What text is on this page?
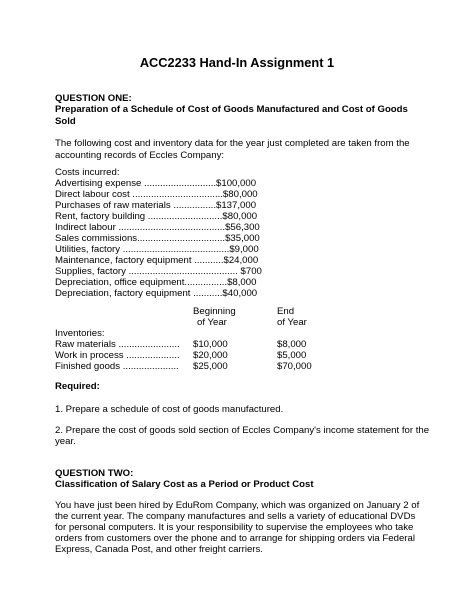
ACC2233 Hand-In Assignment 1
QUESTION ONE:
Preparation of a Schedule of Cost of Goods Manufactured and Cost of Goods
Sold
The following cost and inventory data for the year just completed are taken from the
accounting records of Eccles Company:
Costs incurred:
Advertising expense ...........................$100,000
Direct labour cost ..................................$80,000
Purchases of raw materials ................$137,000
Rent, factory building ............................$80,000
Indirect labour ........................................$56,300
Sales commissions.................................$35,000
Utilities, factory ........................................$9,000
Maintenance, factory equipment ...........$24,000
Supplies, factory ......................................... $700
Depreciation, office equipment................$8,000
Depreciation, factory equipment ...........$40,000
Beginning
of Year
End
of Year
Inventories:
Raw materials ....................... $10,000	$8,000
Work in process .................... $20,000	$5,000
Finished goods ..................... $25,000	$70,000
Required:
1. Prepare a schedule of cost of goods manufactured.
2. Prepare the cost of goods sold section of Eccles Company's income statement for the
year.
QUESTION TWO:
Classification of Salary Cost as a Period or Product Cost
You have just been hired by EduRom Company, which was organized on January 2 of
the current year. The company manufactures and sells a variety of educational DVDs
for personal computers. It is your responsibility to supervise the employees who take
orders from customers over the phone and to arrange for shipping orders via Federal
Express, Canada Post, and other freight carriers.
